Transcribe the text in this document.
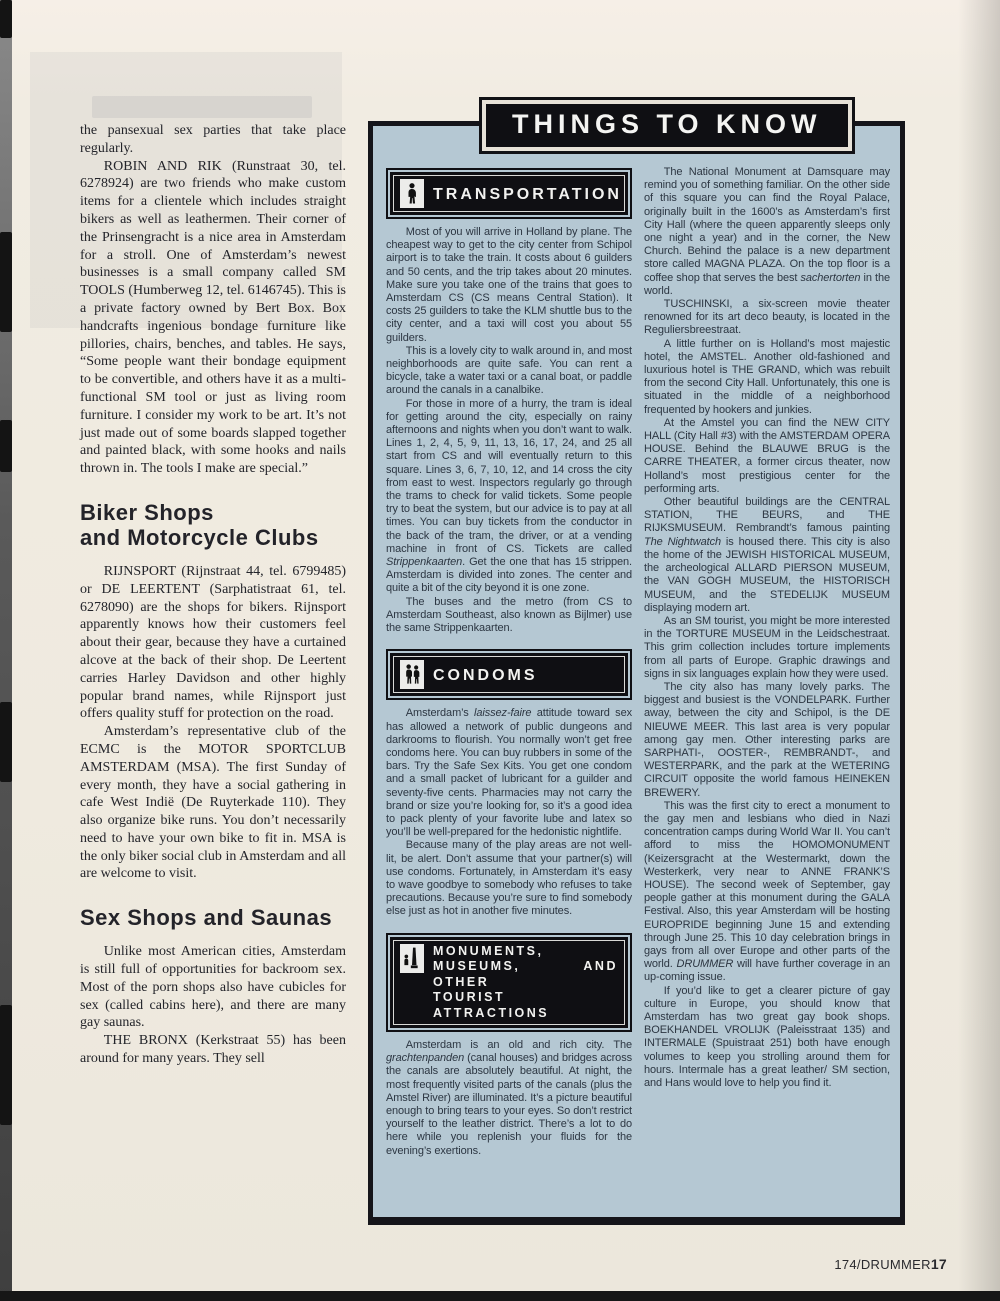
the pansexual sex parties that take place regularly.

ROBIN AND RIK (Runstraat 30, tel. 6278924) are two friends who make custom items for a clientele which includes straight bikers as well as leathermen. Their corner of the Prinsengracht is a nice area in Amsterdam for a stroll. One of Amsterdam’s newest businesses is a small company called SM TOOLS (Humberweg 12, tel. 6146745). This is a private factory owned by Bert Box. Box handcrafts ingenious bondage furniture like pillories, chairs, benches, and tables. He says, “Some people want their bondage equipment to be convertible, and others have it as a multi-functional SM tool or just as living room furniture. I consider my work to be art. It’s not just made out of some boards slapped together and painted black, with some hooks and nails thrown in. The tools I make are special.”

Biker Shops
and Motorcycle Clubs

RIJNSPORT (Rijnstraat 44, tel. 6799485) or DE LEERTENT (Sarphatistraat 61, tel. 6278090) are the shops for bikers. Rijnsport apparently knows how their customers feel about their gear, because they have a curtained alcove at the back of their shop. De Leertent carries Harley Davidson and other highly popular brand names, while Rijnsport just offers quality stuff for protection on the road.

Amsterdam’s representative club of the ECMC is the MOTOR SPORTCLUB AMSTERDAM (MSA). The first Sunday of every month, they have a social gathering in cafe West Indië (De Ruyterkade 110). They also organize bike runs. You don’t necessarily need to have your own bike to fit in. MSA is the only biker social club in Amsterdam and all are welcome to visit.

Sex Shops and Saunas

Unlike most American cities, Amsterdam is still full of opportunities for backroom sex. Most of the porn shops also have cubicles for sex (called cabins here), and there are many gay saunas.

THE BRONX (Kerkstraat 55) has been around for many years. They sell

THINGS TO KNOW
TRANSPORTATION

Most of you will arrive in Holland by plane. The cheapest way to get to the city center from Schipol airport is to take the train. It costs about 6 guilders and 50 cents, and the trip takes about 20 minutes. Make sure you take one of the trains that goes to Amsterdam CS (CS means Central Station). It costs 25 guilders to take the KLM shuttle bus to the city center, and a taxi will cost you about 55 guilders.

This is a lovely city to walk around in, and most neighborhoods are quite safe. You can rent a bicycle, take a water taxi or a canal boat, or paddle around the canals in a canalbike.

For those in more of a hurry, the tram is ideal for getting around the city, especially on rainy afternoons and nights when you don’t want to walk. Lines 1, 2, 4, 5, 9, 11, 13, 16, 17, 24, and 25 all start from CS and will eventually return to this square. Lines 3, 6, 7, 10, 12, and 14 cross the city from east to west. Inspectors regularly go through the trams to check for valid tickets. Some people try to beat the system, but our advice is to pay at all times. You can buy tickets from the conductor in the back of the tram, the driver, or at a vending machine in front of CS. Tickets are called Strippenkaarten. Get the one that has 15 strippen. Amsterdam is divided into zones. The center and quite a bit of the city beyond it is one zone.

The buses and the metro (from CS to Amsterdam Southeast, also known as Bijlmer) use the same Strippenkaarten.

CONDOMS

Amsterdam’s laissez-faire attitude toward sex has allowed a network of public dungeons and darkrooms to flourish. You normally won’t get free condoms here. You can buy rubbers in some of the bars. Try the Safe Sex Kits. You get one condom and a small packet of lubricant for a guilder and seventy-five cents. Pharmacies may not carry the brand or size you’re looking for, so it’s a good idea to pack plenty of your favorite lube and latex so you’ll be well-prepared for the hedonistic nightlife.

Because many of the play areas are not well-lit, be alert. Don’t assume that your partner(s) will use condoms. Fortunately, in Amsterdam it’s easy to wave goodbye to somebody who refuses to take precautions. Because you’re sure to find somebody else just as hot in another five minutes.

MONUMENTS,
MUSEUMS, AND OTHER
TOURIST ATTRACTIONS

Amsterdam is an old and rich city. The grachtenpanden (canal houses) and bridges across the canals are absolutely beautiful. At night, the most frequently visited parts of the canals (plus the Amstel River) are illuminated. It’s a picture beautiful enough to bring tears to your eyes. So don’t restrict yourself to the leather district. There’s a lot to do here while you replenish your fluids for the evening’s exertions.

The National Monument at Damsquare may remind you of something familiar. On the other side of this square you can find the Royal Palace, originally built in the 1600’s as Amsterdam’s first City Hall (where the queen apparently sleeps only one night a year) and in the corner, the New Church. Behind the palace is a new department store called MAGNA PLAZA. On the top floor is a coffee shop that serves the best sachertorten in the world.

TUSCHINSKI, a six-screen movie theater renowned for its art deco beauty, is located in the Reguliersbreestraat.

A little further on is Holland’s most majestic hotel, the AMSTEL. Another old-fashioned and luxurious hotel is THE GRAND, which was rebuilt from the second City Hall. Unfortunately, this one is situated in the middle of a neighborhood frequented by hookers and junkies.

At the Amstel you can find the NEW CITY HALL (City Hall #3) with the AMSTERDAM OPERA HOUSE. Behind the BLAUWE BRUG is the CARRE THEATER, a former circus theater, now Holland’s most prestigious center for the performing arts.

Other beautiful buildings are the CENTRAL STATION, THE BEURS, and THE RIJKSMUSEUM. Rembrandt’s famous painting The Nightwatch is housed there. This city is also the home of the JEWISH HISTORICAL MUSEUM, the archeological ALLARD PIERSON MUSEUM, the VAN GOGH MUSEUM, the HISTORISCH MUSEUM, and the STEDELIJK MUSEUM displaying modern art.

As an SM tourist, you might be more interested in the TORTURE MUSEUM in the Leidschestraat. This grim collection includes torture implements from all parts of Europe. Graphic drawings and signs in six languages explain how they were used.

The city also has many lovely parks. The biggest and busiest is the VONDELPARK. Further away, between the city and Schipol, is the DE NIEUWE MEER. This last area is very popular among gay men. Other interesting parks are SARPHATI-, OOSTER-, REMBRANDT-, and WESTERPARK, and the park at the WETERING CIRCUIT opposite the world famous HEINEKEN BREWERY.

This was the first city to erect a monument to the gay men and lesbians who died in Nazi concentration camps during World War II. You can’t afford to miss the HOMOMONUMENT (Keizersgracht at the Westermarkt, down the Westerkerk, very near to ANNE FRANK’S HOUSE). The second week of September, gay people gather at this monument during the GALA Festival. Also, this year Amsterdam will be hosting EUROPRIDE beginning June 15 and extending through June 25. This 10 day celebration brings in gays from all over Europe and other parts of the world. DRUMMER will have further coverage in an up-coming issue.

If you’d like to get a clearer picture of gay culture in Europe, you should know that Amsterdam has two great gay book shops. BOEKHANDEL VROLIJK (Paleisstraat 135) and INTERMALE (Spuistraat 251) both have enough volumes to keep you strolling around them for hours. Intermale has a great leather/ SM section, and Hans would love to help you find it.

174/DRUMMER17
